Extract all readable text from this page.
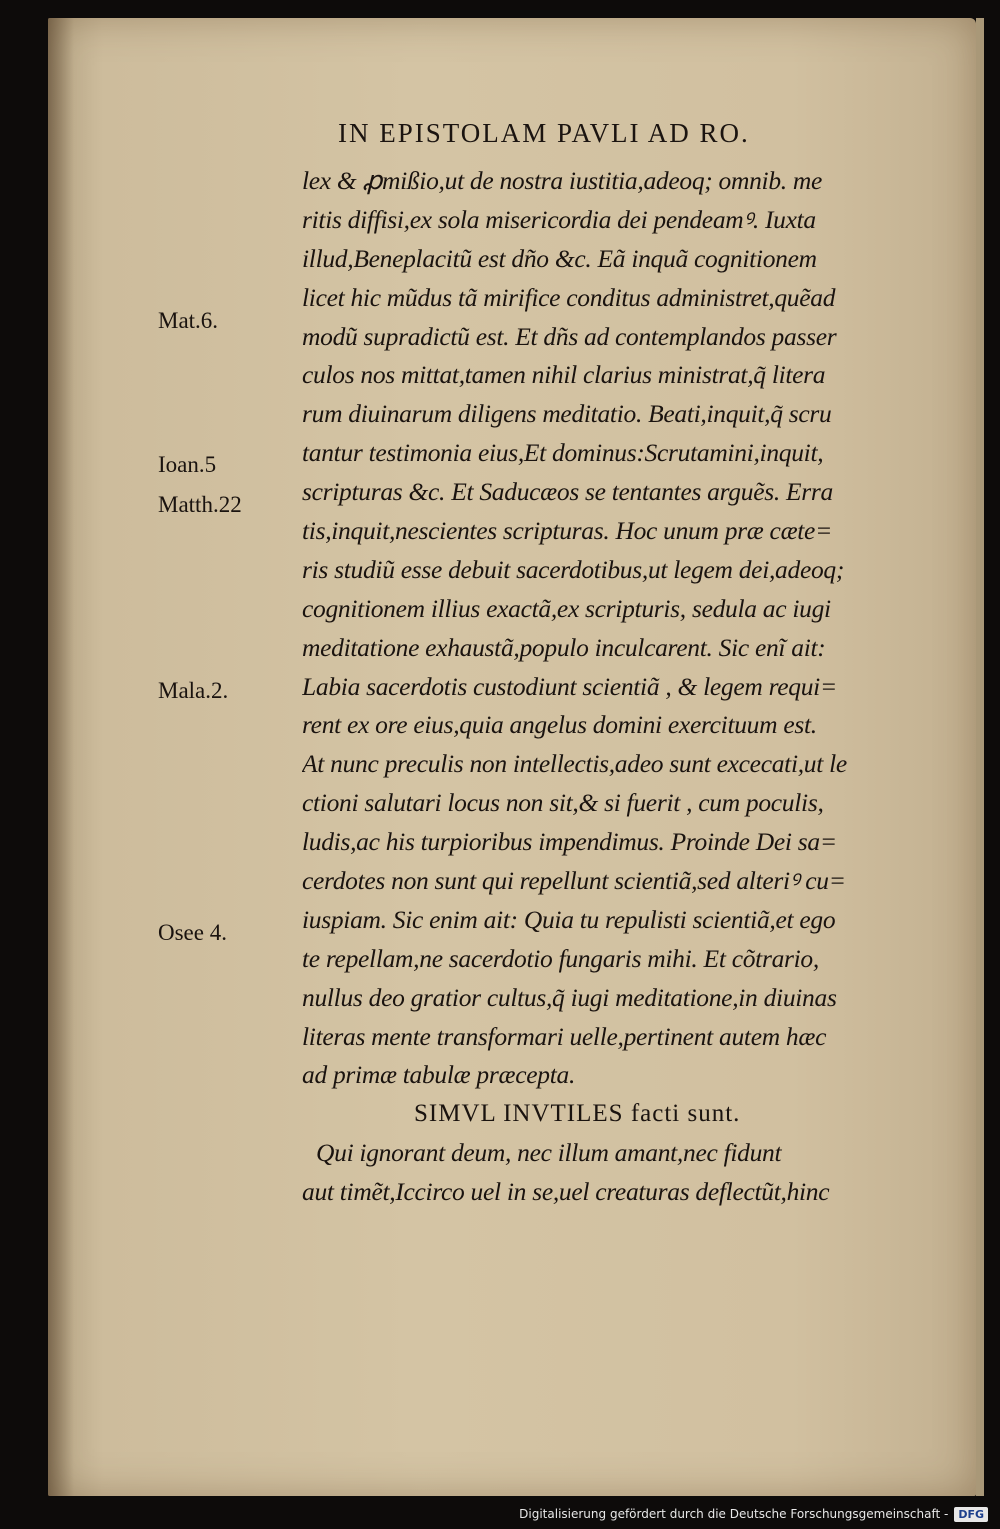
IN EPISTOLAM PAVLI AD RO.
lex & ꝓmißio,ut de nostra iustitia,adeoq; omnib. me
ritis diffisi,ex sola misericordia dei pendeamꝰ. Iuxta
illud,Beneplacitũ est dño &c. Eã inquã cognitionem
licet hic mũdus tã mirifice conditus administret,quẽad
modũ supradictũ est. Et dñs ad contemplandos passer
culos nos mittat,tamen nihil clarius ministrat,q̃ litera
rum diuinarum diligens meditatio. Beati,inquit,q̃ scru
tantur testimonia eius,Et dominus:Scrutamini,inquit,
scripturas &c. Et Saducæos se tentantes arguẽs. Erra
tis,inquit,nescientes scripturas. Hoc unum præ cæte=
ris studiũ esse debuit sacerdotibus,ut legem dei,adeoq;
cognitionem illius exactã,ex scripturis, sedula ac iugi
meditatione exhaustã,populo inculcarent. Sic enĩ ait:
Labia sacerdotis custodiunt scientiã , & legem requi=
rent ex ore eius,quia angelus domini exercituum est.
At nunc preculis non intellectis,adeo sunt excecati,ut le
ctioni salutari locus non sit,& si fuerit , cum poculis,
ludis,ac his turpioribus impendimus. Proinde Dei sa=
cerdotes non sunt qui repellunt scientiã,sed alteriꝰ cu=
iuspiam. Sic enim ait: Quia tu repulisti scientiã,et ego
te repellam,ne sacerdotio fungaris mihi. Et cõtrario,
nullus deo gratior cultus,q̃ iugi meditatione,in diuinas
literas mente transformari uelle,pertinent autem hæc
ad primæ tabulæ præcepta.
SIMVL INVTILES facti sunt.
Qui ignorant deum, nec illum amant,nec fidunt
aut timẽt,Iccirco uel in se,uel creaturas deflectũt,hinc
Mat.6.
Ioan.5
Matth.22
Mala.2.
Osee 4.
Digitalisierung gefördert durch die Deutsche Forschungsgemeinschaft - DFG
